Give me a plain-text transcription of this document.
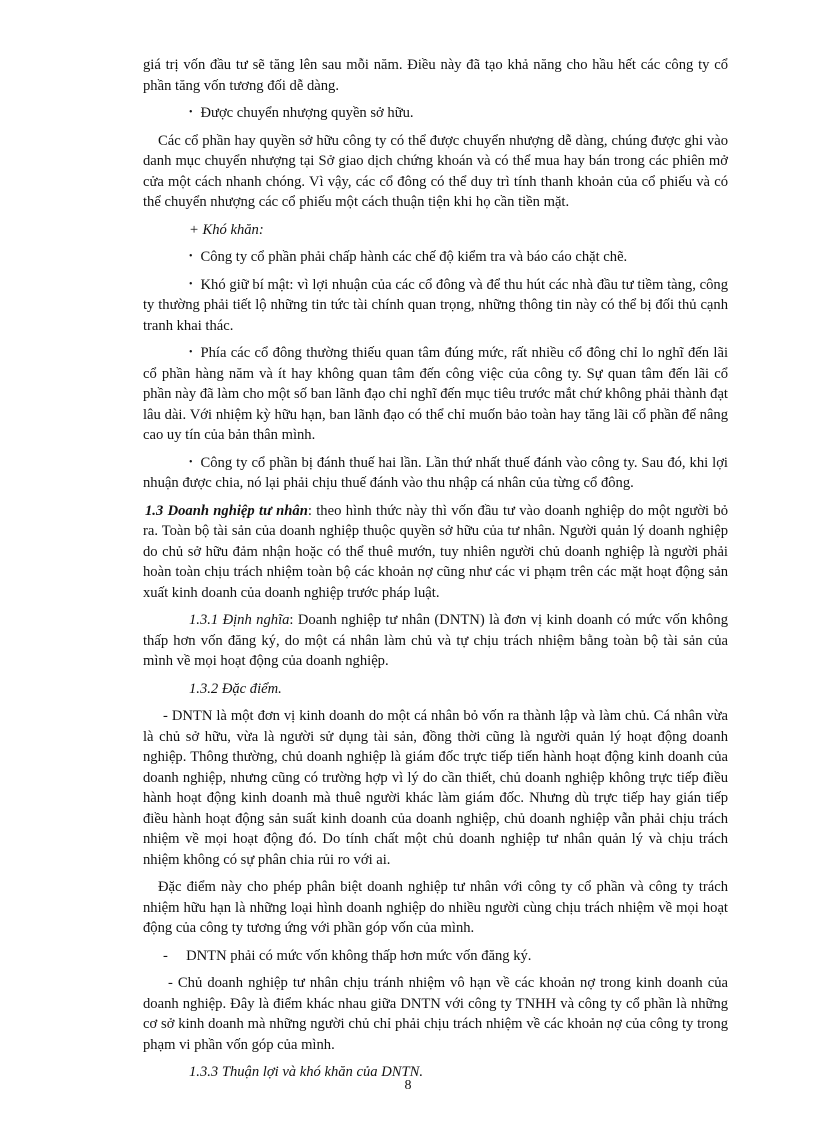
giá trị vốn đầu tư sẽ tăng lên sau mỗi năm. Điều này đã tạo khả năng cho hầu hết các công ty cổ phần tăng vốn tương đối dễ dàng.

• Được chuyển nhượng quyền sở hữu.

Các cổ phần hay quyền sở hữu công ty có thể được chuyển nhượng dễ dàng, chúng được ghi vào danh mục chuyển nhượng tại Sở giao dịch chứng khoán và có thể mua hay bán trong các phiên mở cửa một cách nhanh chóng. Vì vậy, các cổ đông có thể duy trì tính thanh khoản của cổ phiếu và có thể chuyển nhượng các cổ phiếu một cách thuận tiện khi họ cần tiền mặt.

+ Khó khăn:

• Công ty cổ phần phải chấp hành các chế độ kiểm tra và báo cáo chặt chẽ.

• Khó giữ bí mật: vì lợi nhuận của các cổ đông và để thu hút các nhà đầu tư tiềm tàng, công ty thường phải tiết lộ những tin tức tài chính quan trọng, những thông tin này có thể bị đối thủ cạnh tranh khai thác.

• Phía các cổ đông thường thiếu quan tâm đúng mức, rất nhiều cổ đông chỉ lo nghĩ đến lãi cổ phần hàng năm và ít hay không quan tâm đến công việc của công ty. Sự quan tâm đến lãi cổ phần này đã làm cho một số ban lãnh đạo chỉ nghĩ đến mục tiêu trước mắt chứ không phải thành đạt lâu dài. Với nhiệm kỳ hữu hạn, ban lãnh đạo có thể chỉ muốn bảo toàn hay tăng lãi cổ phần để nâng cao uy tín của bản thân mình.

• Công ty cổ phần bị đánh thuế hai lần. Lần thứ nhất thuế đánh vào công ty. Sau đó, khi lợi nhuận được chia, nó lại phải chịu thuế đánh vào thu nhập cá nhân của từng cổ đông.

1.3 Doanh nghiệp tư nhân: theo hình thức này thì vốn đầu tư vào doanh nghiệp do một người bỏ ra. Toàn bộ tài sản của doanh nghiệp thuộc quyền sở hữu của tư nhân. Người quản lý doanh nghiệp do chủ sở hữu đảm nhận hoặc có thể thuê mướn, tuy nhiên người chủ doanh nghiệp là người phải hoàn toàn chịu trách nhiệm toàn bộ các khoản nợ cũng như các vi phạm trên các mặt hoạt động sản xuất kinh doanh của doanh nghiệp trước pháp luật.

1.3.1 Định nghĩa: Doanh nghiệp tư nhân (DNTN) là đơn vị kinh doanh có mức vốn không thấp hơn vốn đăng ký, do một cá nhân làm chủ và tự chịu trách nhiệm bằng toàn bộ tài sản của mình về mọi hoạt động của doanh nghiệp.

1.3.2 Đặc điểm.

- DNTN là một đơn vị kinh doanh do một cá nhân bỏ vốn ra thành lập và làm chủ. Cá nhân vừa là chủ sở hữu, vừa là người sử dụng tài sản, đồng thời cũng là người quản lý hoạt động doanh nghiệp. Thông thường, chủ doanh nghiệp là giám đốc trực tiếp tiến hành hoạt động kinh doanh của doanh nghiệp, nhưng cũng có trường hợp vì lý do cần thiết, chủ doanh nghiệp không trực tiếp điều hành hoạt động kinh doanh mà thuê người khác làm giám đốc. Nhưng dù trực tiếp hay gián tiếp điều hành hoạt động sản suất kinh doanh của doanh nghiệp, chủ doanh nghiệp vẫn phải chịu trách nhiệm về mọi hoạt động đó. Do tính chất một chủ doanh nghiệp tư nhân quản lý và chịu trách nhiệm không có sự phân chia rủi ro với ai.

Đặc điểm này cho phép phân biệt doanh nghiệp tư nhân với công ty cổ phần và công ty trách nhiệm hữu hạn là những loại hình doanh nghiệp do nhiều người cùng chịu trách nhiệm về mọi hoạt động của công ty tương ứng với phần góp vốn của mình.

-     DNTN phải có mức vốn không thấp hơn mức vốn đăng ký.

- Chủ doanh nghiệp tư nhân chịu tránh nhiệm vô hạn về các khoản nợ trong kinh doanh của doanh nghiệp. Đây là điểm khác nhau giữa DNTN với công ty TNHH và công ty cổ phần là những cơ sở kinh doanh mà những người chủ chỉ phải chịu trách nhiệm về các khoản nợ của công ty trong phạm vi phần vốn góp của mình.

1.3.3 Thuận lợi và khó khăn của DNTN.

8
